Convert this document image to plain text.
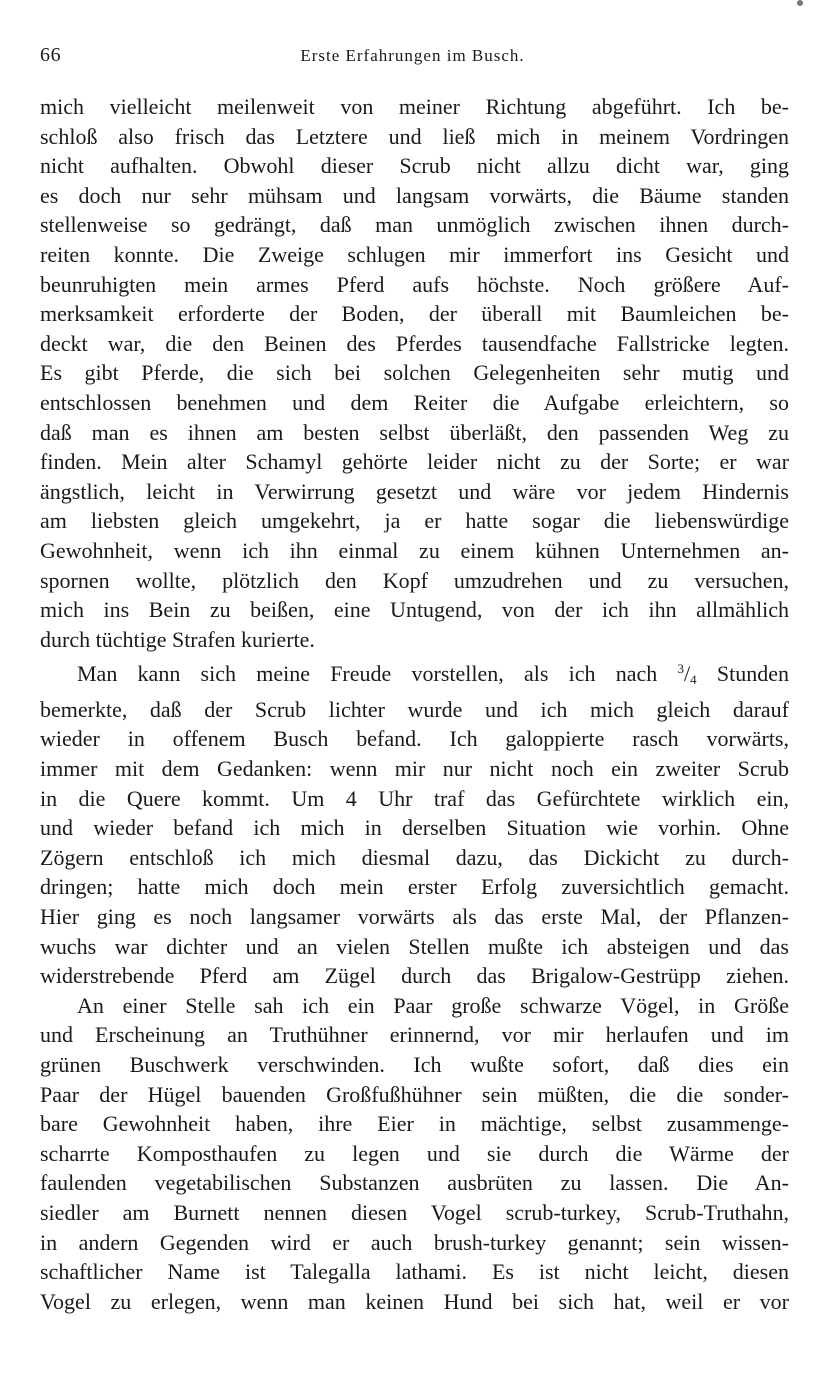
66	Erste Erfahrungen im Busch.
mich vielleicht meilenweit von meiner Richtung abgeführt. Ich be-
schloß also frisch das Letztere und ließ mich in meinem Vordringen
nicht aufhalten. Obwohl dieser Scrub nicht allzu dicht war, ging
es doch nur sehr mühsam und langsam vorwärts, die Bäume standen
stellenweise so gedrängt, daß man unmöglich zwischen ihnen durch-
reiten konnte. Die Zweige schlugen mir immerfort ins Gesicht und
beunruhigten mein armes Pferd aufs höchste. Noch größere Auf-
merksamkeit erforderte der Boden, der überall mit Baumleichen be-
deckt war, die den Beinen des Pferdes tausendfache Fallstricke legten.
Es gibt Pferde, die sich bei solchen Gelegenheiten sehr mutig und
entschlossen benehmen und dem Reiter die Aufgabe erleichtern, so
daß man es ihnen am besten selbst überläßt, den passenden Weg zu
finden. Mein alter Schamyl gehörte leider nicht zu der Sorte; er war
ängstlich, leicht in Verwirrung gesetzt und wäre vor jedem Hindernis
am liebsten gleich umgekehrt, ja er hatte sogar die liebenswürdige
Gewohnheit, wenn ich ihn einmal zu einem kühnen Unternehmen an-
spornen wollte, plötzlich den Kopf umzudrehen und zu versuchen,
mich ins Bein zu beißen, eine Untugend, von der ich ihn allmählich
durch tüchtige Strafen kurierte.
Man kann sich meine Freude vorstellen, als ich nach $^3$/4 Stunden
bemerkte, daß der Scrub lichter wurde und ich mich gleich darauf
wieder in offenem Busch befand. Ich galoppierte rasch vorwärts,
immer mit dem Gedanken: wenn mir nur nicht noch ein zweiter Scrub
in die Quere kommt. Um 4 Uhr traf das Gefürchtete wirklich ein,
und wieder befand ich mich in derselben Situation wie vorhin. Ohne
Zögern entschloß ich mich diesmal dazu, das Dickicht zu durch-
dringen; hatte mich doch mein erster Erfolg zuversichtlich gemacht.
Hier ging es noch langsamer vorwärts als das erste Mal, der Pflanzen-
wuchs war dichter und an vielen Stellen mußte ich absteigen und das
widerstrebende Pferd am Zügel durch das Brigalow-Gestrüpp ziehen.
An einer Stelle sah ich ein Paar große schwarze Vögel, in Größe
und Erscheinung an Truthühner erinnernd, vor mir herlaufen und im
grünen Buschwerk verschwinden. Ich wußte sofort, daß dies ein
Paar der Hügel bauenden Großfußhühner sein müßten, die die sonder-
bare Gewohnheit haben, ihre Eier in mächtige, selbst zusammenge-
scharrte Komposthaufen zu legen und sie durch die Wärme der
faulenden vegetabilischen Substanzen ausbrüten zu lassen. Die An-
siedler am Burnett nennen diesen Vogel scrub-turkey, Scrub-Truthahn,
in andern Gegenden wird er auch brush-turkey genannt; sein wissen-
schaftlicher Name ist Talegalla lathami. Es ist nicht leicht, diesen
Vogel zu erlegen, wenn man keinen Hund bei sich hat, weil er vor
